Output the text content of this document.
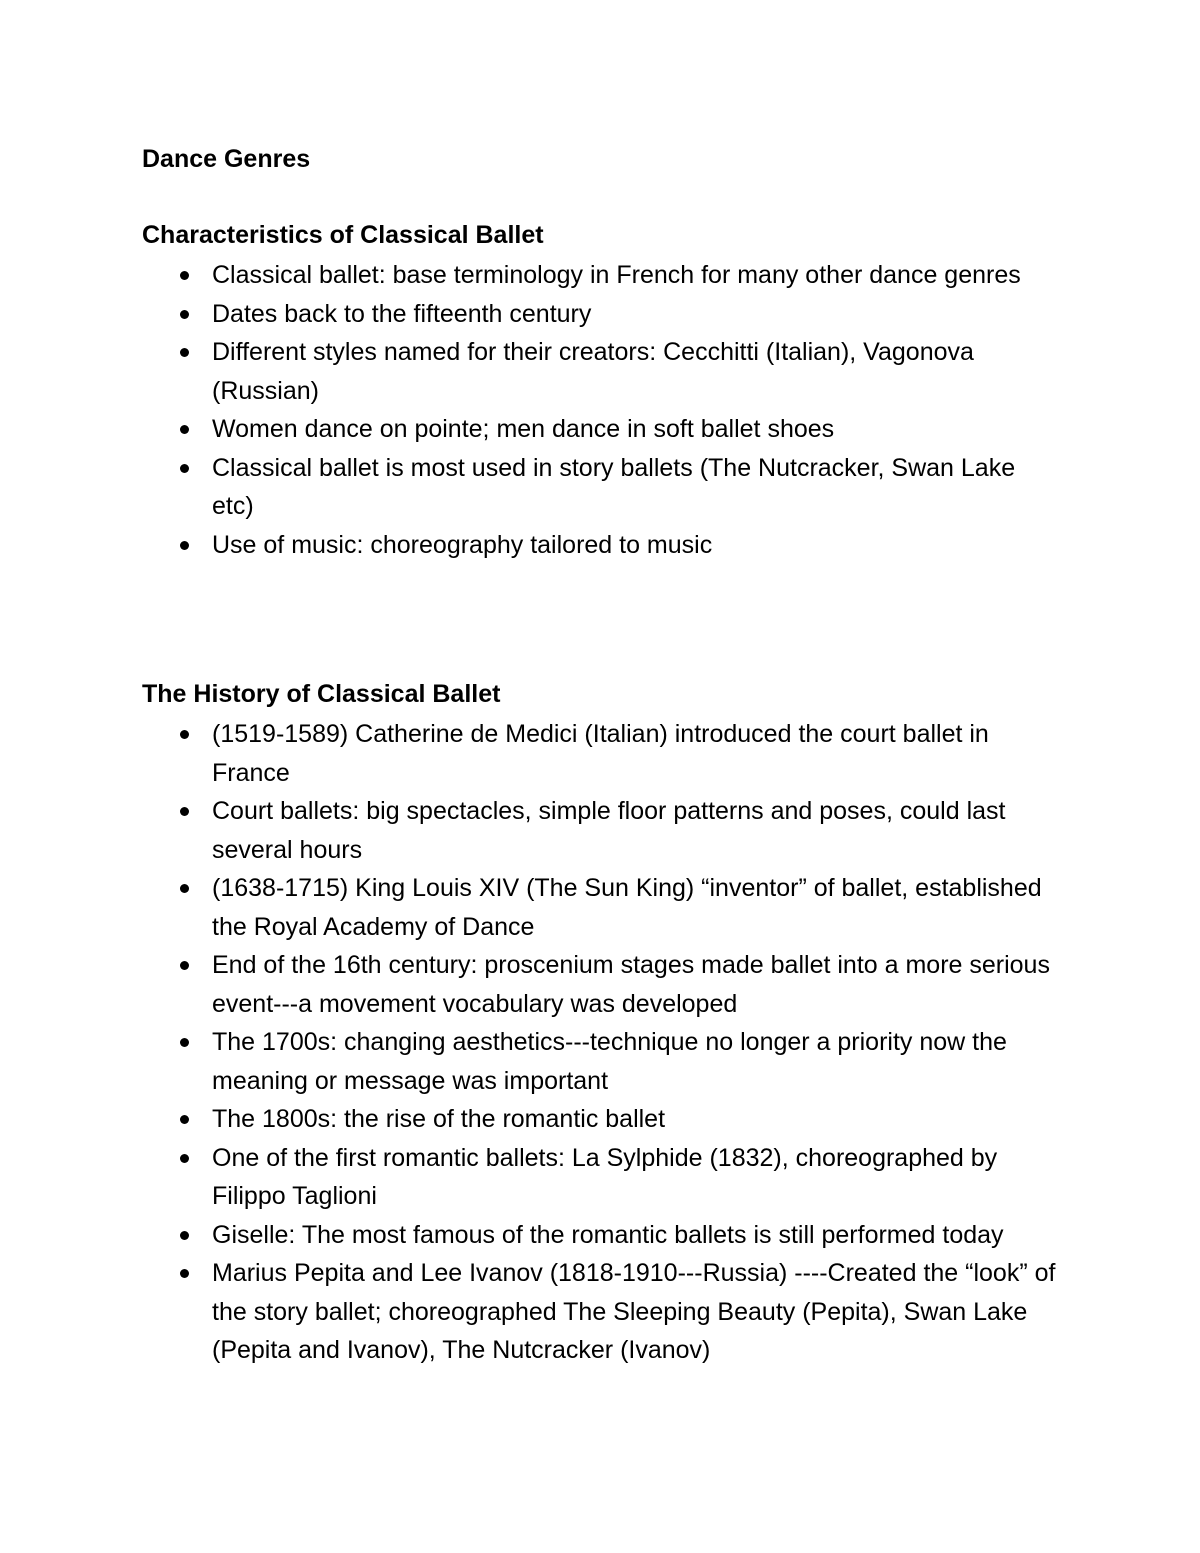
Dance Genres
Characteristics of Classical Ballet
Classical ballet: base terminology in French for many other dance genres
Dates back to the fifteenth century
Different styles named for their creators: Cecchitti (Italian), Vagonova (Russian)
Women dance on pointe; men dance in soft ballet shoes
Classical ballet is most used in story ballets (The Nutcracker, Swan Lake etc)
Use of music: choreography tailored to music
The History of Classical Ballet
(1519-1589) Catherine de Medici (Italian) introduced the court ballet in France
Court ballets: big spectacles, simple floor patterns and poses, could last several hours
(1638-1715) King Louis XIV (The Sun King) “inventor” of ballet, established the Royal Academy of Dance
End of the 16th century: proscenium stages made ballet into a more serious event---a movement vocabulary was developed
The 1700s: changing aesthetics---technique no longer a priority now the meaning or message was important
The 1800s: the rise of the romantic ballet
One of the first romantic ballets: La Sylphide (1832), choreographed by Filippo Taglioni
Giselle: The most famous of the romantic ballets is still performed today
Marius Pepita and Lee Ivanov (1818-1910---Russia) ----Created the “look” of the story ballet; choreographed The Sleeping Beauty (Pepita), Swan Lake (Pepita and Ivanov), The Nutcracker (Ivanov)
